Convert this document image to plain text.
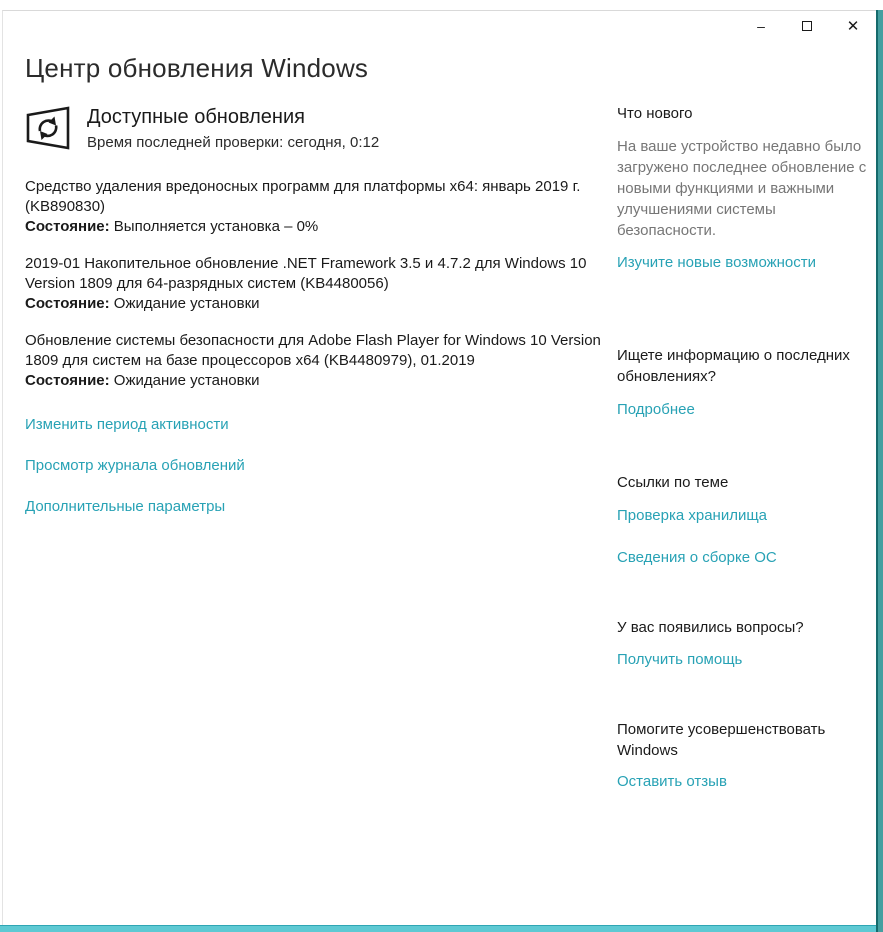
–	✕
Центр обновления Windows
Доступные обновления
Время последней проверки: сегодня, 0:12
Средство удаления вредоносных программ для платформы x64: январь 2019 г. (KB890830)
Состояние: Выполняется установка – 0%
2019-01 Накопительное обновление .NET Framework 3.5 и 4.7.2 для Windows 10 Version 1809 для 64-разрядных систем (KB4480056)
Состояние: Ожидание установки
Обновление системы безопасности для Adobe Flash Player for Windows 10 Version 1809 для систем на базе процессоров x64 (KB4480979), 01.2019
Состояние: Ожидание установки
Изменить период активности
Просмотр журнала обновлений
Дополнительные параметры
Что нового
На ваше устройство недавно было загружено последнее обновление с новыми функциями и важными улучшениями системы безопасности.
Изучите новые возможности
Ищете информацию о последних обновлениях?
Подробнее
Ссылки по теме
Проверка хранилища
Сведения о сборке ОС
У вас появились вопросы?
Получить помощь
Помогите усовершенствовать Windows
Оставить отзыв
